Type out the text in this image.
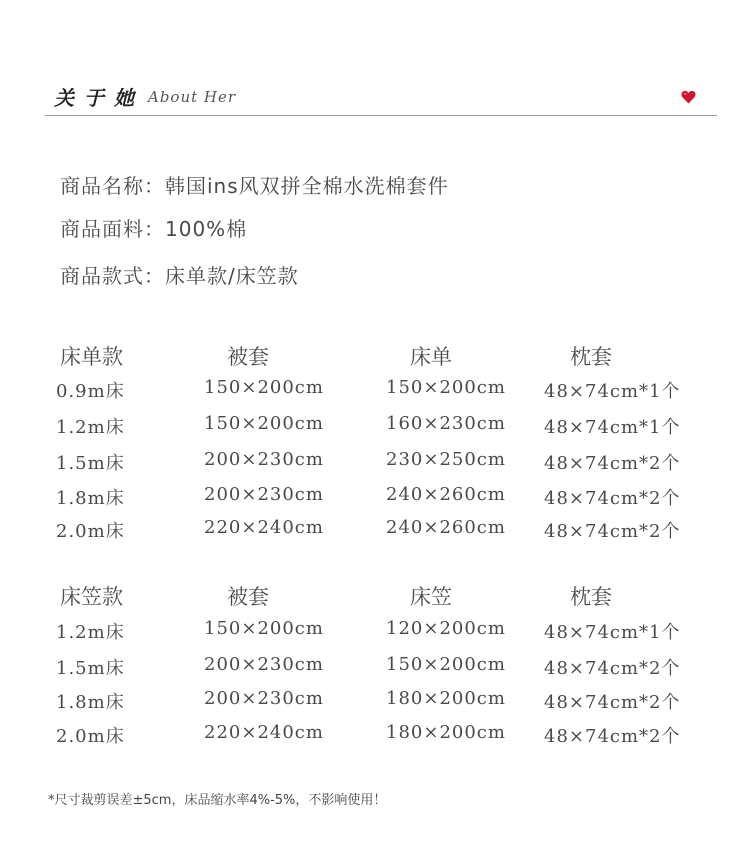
关于她 About Her
商品名称：韩国ins风双拼全棉水洗棉套件
商品面料：100%棉
商品款式：床单款/床笠款
床单款	被套	床单	枕套
0.9m床	150×200cm	150×200cm 48×74cm*1个
1.2m床	150×200cm	160×230cm 48×74cm*1个
1.5m床	200×230cm	230×250cm 48×74cm*2个
1.8m床	200×230cm	240×260cm 48×74cm*2个
2.0m床	220×240cm	240×260cm 48×74cm*2个
床笠款	被套	床笠	枕套
1.2m床	150×200cm	120×200cm 48×74cm*1个
1.5m床	200×230cm	150×200cm 48×74cm*2个
1.8m床	200×230cm	180×200cm 48×74cm*2个
2.0m床	220×240cm	180×200cm 48×74cm*2个
*尺寸裁剪误差±5cm，床品缩水率4%-5%，不影响使用！
